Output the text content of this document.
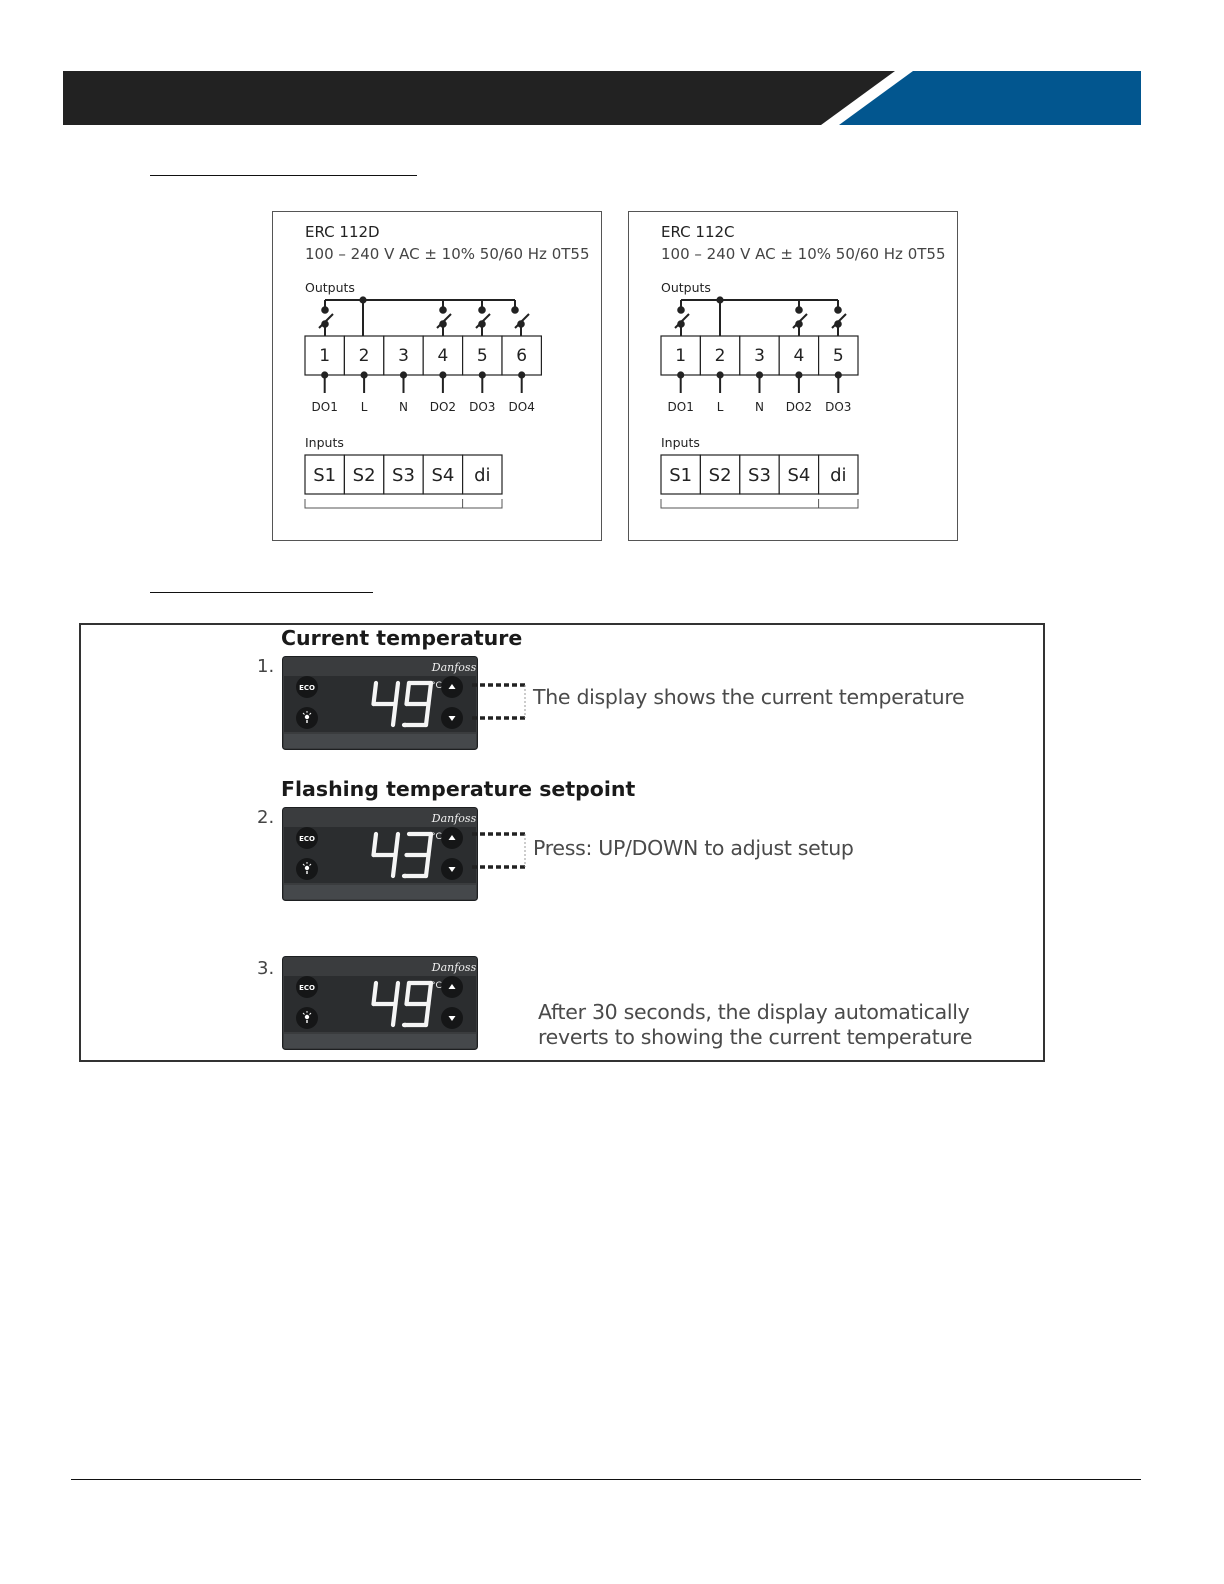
ERC 112D
100 – 240 V AC ± 10% 50/60 Hz 0T55
Outputs
1 2 3 4 5 6
DO1 L	N DO2 DO3 DO4
Inputs
S1 S2 S3 S4 di
ERC 112C
100 – 240 V AC ± 10% 50/60 Hz 0T55
Outputs
1 2 3 4 5
DO1 L	N DO2 DO3
Inputs
S1 S2 S3 S4 di
Current temperature
1.	Danfoss
ECO	°C	The display shows the current temperature
Flashing temperature setpoint
2.	Danfoss
ECO	°C	Press: UP/DOWN to adjust setup
3.	Danfoss
ECO	°C
After 30 seconds, the display automatically
reverts to showing the current temperature
